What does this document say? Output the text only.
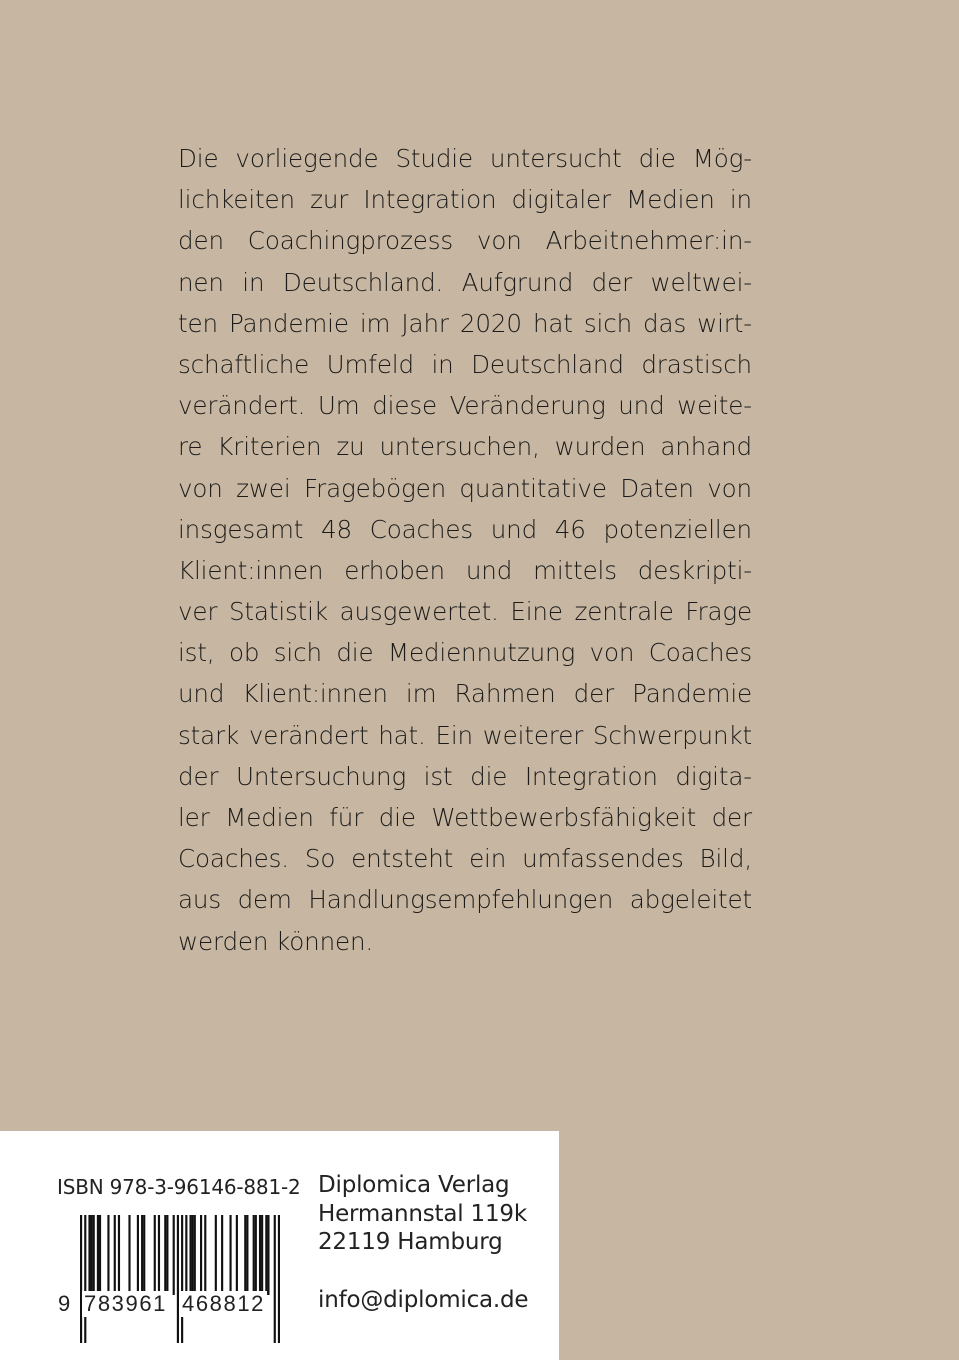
Die vorliegende Studie untersucht die Mög-
lichkeiten zur Integration digitaler Medien in
den Coachingprozess von Arbeitnehmer:in-
nen in Deutschland. Aufgrund der weltwei-
ten Pandemie im Jahr 2020 hat sich das wirt-
schaftliche Umfeld in Deutschland drastisch
verändert. Um diese Veränderung und weite-
re Kriterien zu untersuchen, wurden anhand
von zwei Fragebögen quantitative Daten von
insgesamt 48 Coaches und 46 potenziellen
Klient:innen erhoben und mittels deskripti-
ver Statistik ausgewertet. Eine zentrale Frage
ist, ob sich die Mediennutzung von Coaches
und Klient:innen im Rahmen der Pandemie
stark verändert hat. Ein weiterer Schwerpunkt
der Untersuchung ist die Integration digita-
ler Medien für die Wettbewerbsfähigkeit der
Coaches. So entsteht ein umfassendes Bild,
aus dem Handlungsempfehlungen abgeleitet
werden können.
ISBN 978-3-96146-881-2
9 783961 468812
Diplomica Verlag
Hermannstal 119k
22119 Hamburg
info@diplomica.de
